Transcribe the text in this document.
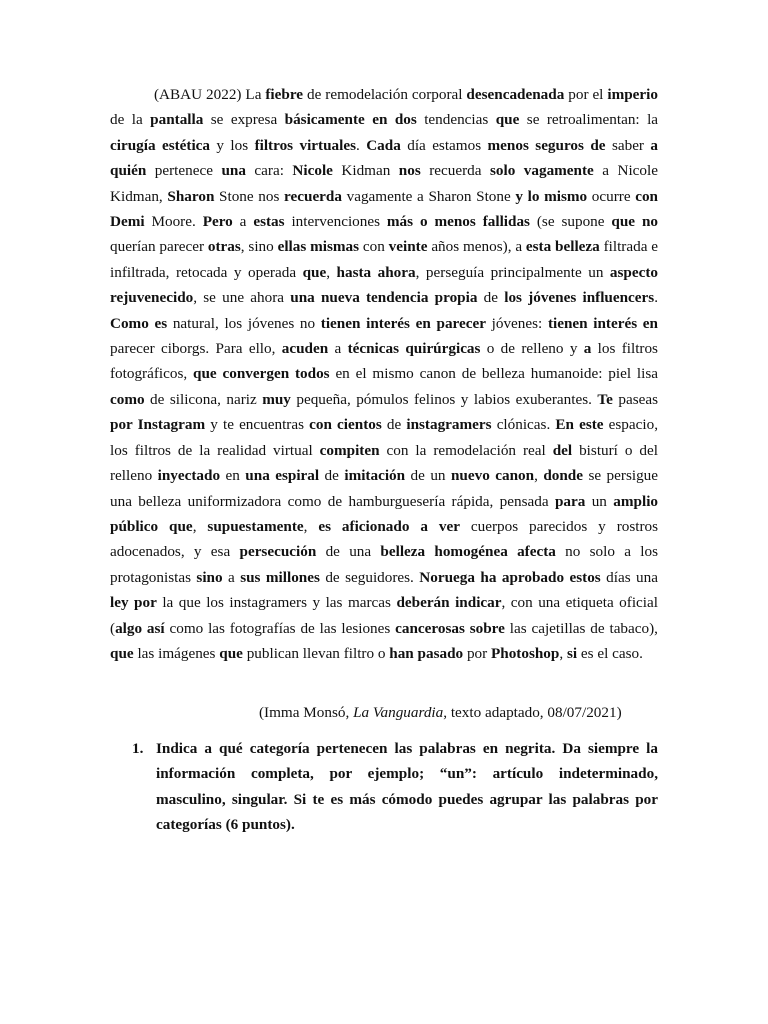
(ABAU 2022) La fiebre de remodelación corporal desencadenada por el imperio de la pantalla se expresa básicamente en dos tendencias que se retroalimentan: la cirugía estética y los filtros virtuales. Cada día estamos menos seguros de saber a quién pertenece una cara: Nicole Kidman nos recuerda solo vagamente a Nicole Kidman, Sharon Stone nos recuerda vagamente a Sharon Stone y lo mismo ocurre con Demi Moore. Pero a estas intervenciones más o menos fallidas (se supone que no querían parecer otras, sino ellas mismas con veinte años menos), a esta belleza filtrada e infiltrada, retocada y operada que, hasta ahora, perseguía principalmente un aspecto rejuvenecido, se une ahora una nueva tendencia propia de los jóvenes influencers. Como es natural, los jóvenes no tienen interés en parecer jóvenes: tienen interés en parecer ciborgs. Para ello, acuden a técnicas quirúrgicas o de relleno y a los filtros fotográficos, que convergen todos en el mismo canon de belleza humanoide: piel lisa como de silicona, nariz muy pequeña, pómulos felinos y labios exuberantes. Te paseas por Instagram y te encuentras con cientos de instagramers clónicas. En este espacio, los filtros de la realidad virtual compiten con la remodelación real del bisturí o del relleno inyectado en una espiral de imitación de un nuevo canon, donde se persigue una belleza uniformizadora como de hamburguesería rápida, pensada para un amplio público que, supuestamente, es aficionado a ver cuerpos parecidos y rostros adocenados, y esa persecución de una belleza homogénea afecta no solo a los protagonistas sino a sus millones de seguidores. Noruega ha aprobado estos días una ley por la que los instagramers y las marcas deberán indicar, con una etiqueta oficial (algo así como las fotografías de las lesiones cancerosas sobre las cajetillas de tabaco), que las imágenes que publican llevan filtro o han pasado por Photoshop, si es el caso.

(Imma Monsó, La Vanguardia, texto adaptado, 08/07/2021)

1. Indica a qué categoría pertenecen las palabras en negrita. Da siempre la información completa, por ejemplo; “un”: artículo indeterminado, masculino, singular. Si te es más cómodo puedes agrupar las palabras por categorías (6 puntos).
